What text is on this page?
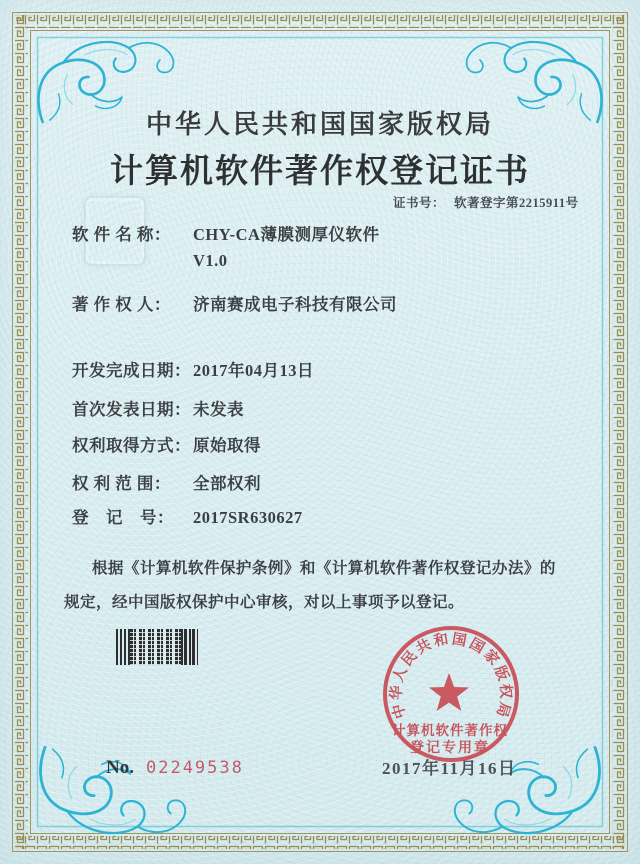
中华人民共和国国家版权局
计算机软件著作权登记证书
证书号： 软著登字第2215911号
软 件 名 称：	CHY-CA薄膜测厚仪软件
V1.0
著 作 权 人：	济南赛成电子科技有限公司
开发完成日期： 2017年04月13日
首次发表日期： 未发表
权利取得方式： 原始取得
权 利 范 围：	全部权利
登　记　号：	2017SR630627
根据《计算机软件保护条例》和《计算机软件著作权登记办法》的
规定，经中国版权保护中心审核，对以上事项予以登记。
2017年11月16日
中华人民共和国国家版权局
计算机软件著作权
登记专用章
No. 02249538
